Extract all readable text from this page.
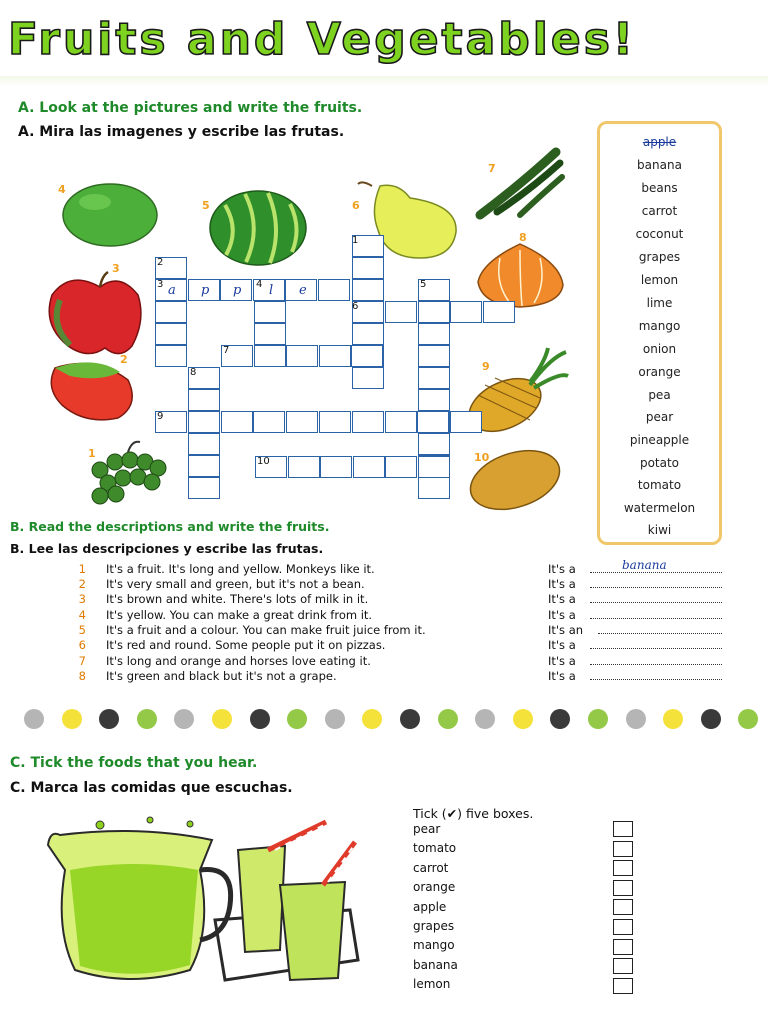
Fruits and Vegetables!
A. Look at the pictures and write the fruits.
A. Mira las imagenes y escribe las frutas.
1
2
3
4
5	6
7
8
9
10
1
2
3	4	5
6
7
8
9
10
a p p l e
apple
banana
beans
carrot
coconut
grapes
lemon
lime
mango
onion
orange
pea
pear
pineapple
potato
tomato
watermelon
kiwi
B. Read the descriptions and write the fruits.
B. Lee las descripciones y escribe las frutas.
1 It's a fruit. It's long and yellow. Monkeys like it.	It's a	banana
2 It's very small and green, but it's not a bean.	It's a
3 It's brown and white. There's lots of milk in it.	It's a
4 It's yellow. You can make a great drink from it.	It's a
5 It's a fruit and a colour. You can make fruit juice from it.	It's an
6 It's red and round. Some people put it on pizzas.	It's a
7 It's long and orange and horses love eating it.	It's a
8 It's green and black but it's not a grape.	It's a
C. Tick the foods that you hear.
C. Marca las comidas que escuchas.
Tick (✔) five boxes.
pear
tomato
carrot
orange
apple
grapes
mango
banana
lemon
